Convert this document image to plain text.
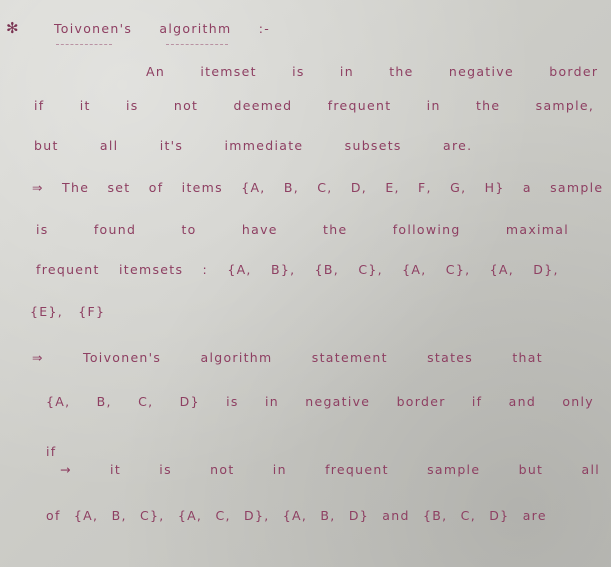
✻	Toivonen's algorithm :-
An itemset is in the negative border
if it is not deemed frequent in the sample,
but all it's immediate subsets are.
⇒ The set of items {A, B, C, D, E, F, G, H} a sample
is found to have the following maximal
frequent itemsets : {A, B}, {B, C}, {A, C}, {A, D},
{E}, {F}
⇒ Toivonen's algorithm statement states that
{A, B, C, D} is in negative border if and only
if
→ it is not in frequent sample but all
of {A, B, C}, {A, C, D}, {A, B, D} and {B, C, D} are
